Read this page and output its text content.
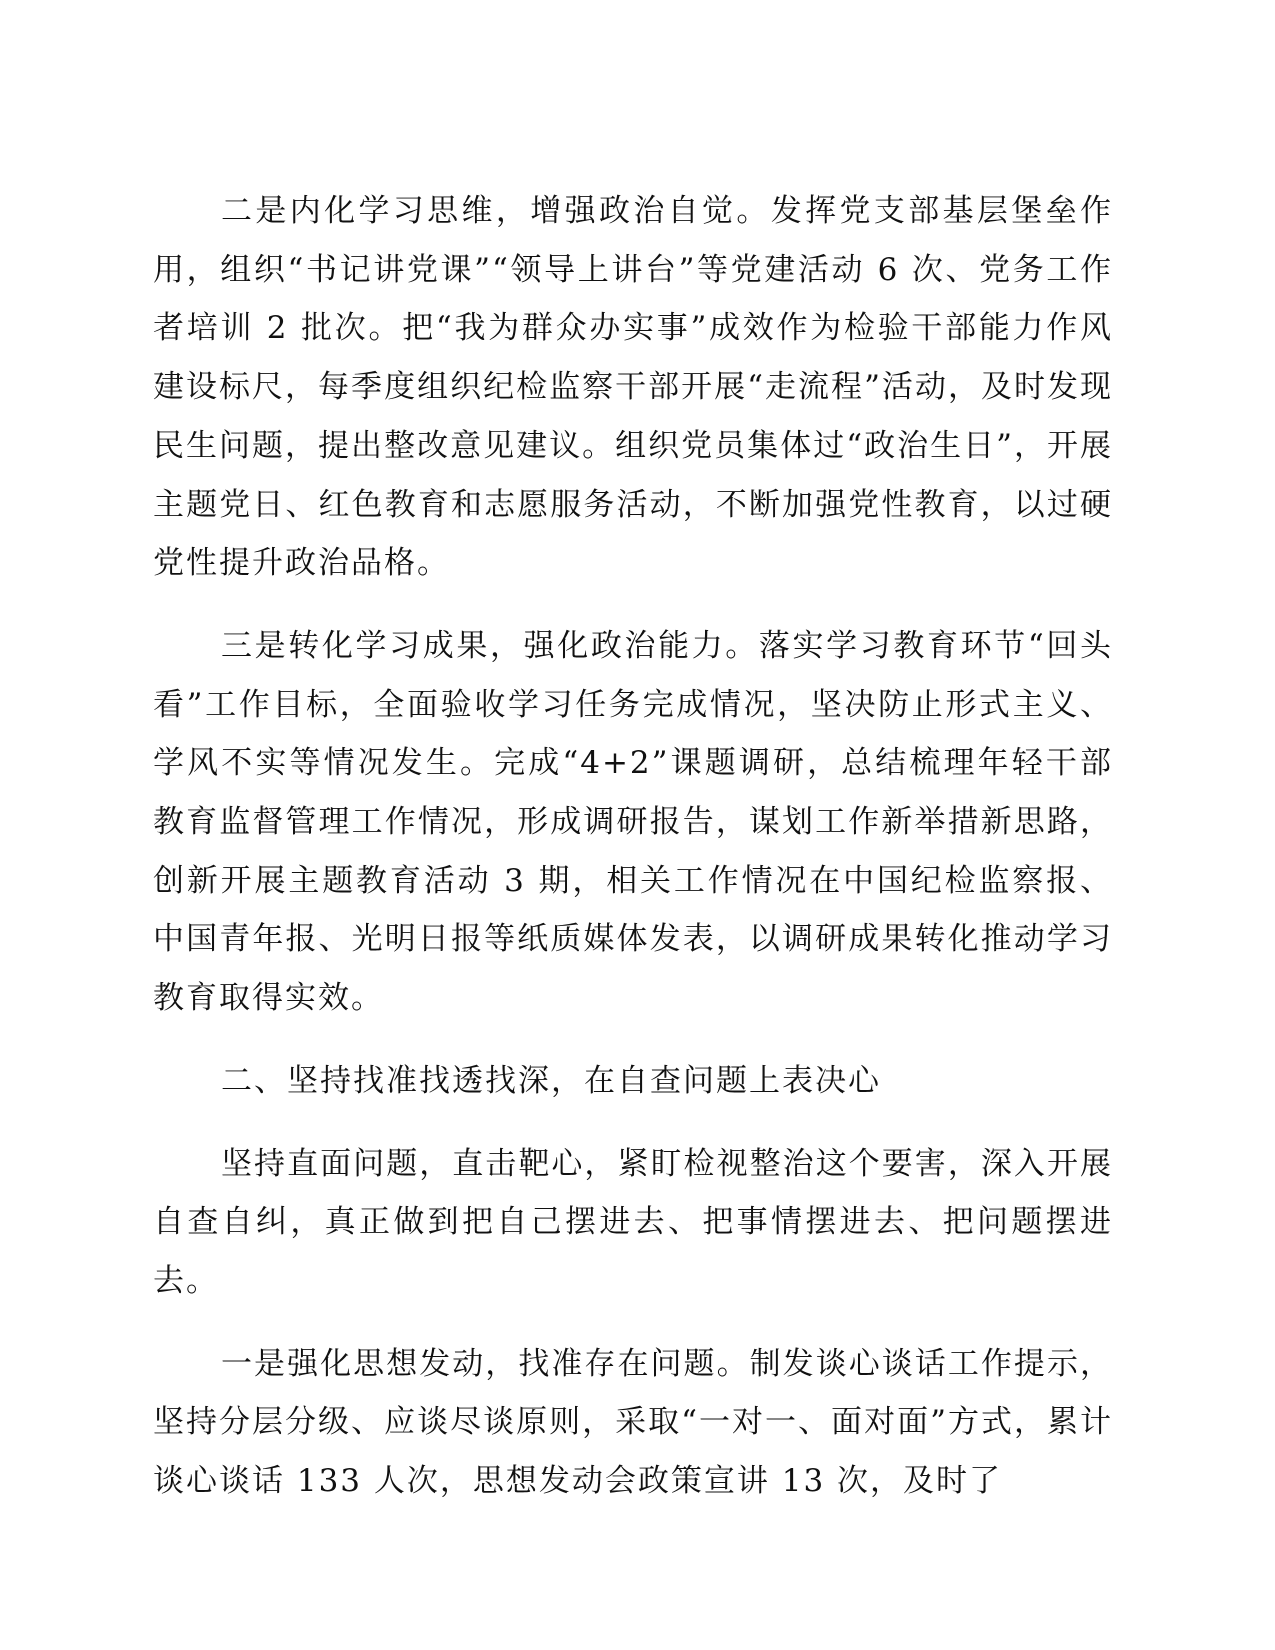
二是内化学习思维，增强政治自觉。发挥党支部基层堡垒作用，组织“书记讲党课”“领导上讲台”等党建活动 6 次、党务工作者培训 2 批次。把“我为群众办实事”成效作为检验干部能力作风建设标尺，每季度组织纪检监察干部开展“走流程”活动，及时发现民生问题，提出整改意见建议。组织党员集体过“政治生日”，开展主题党日、红色教育和志愿服务活动，不断加强党性教育，以过硬党性提升政治品格。

三是转化学习成果，强化政治能力。落实学习教育环节“回头看”工作目标，全面验收学习任务完成情况，坚决防止形式主义、学风不实等情况发生。完成“4+2”课题调研，总结梳理年轻干部教育监督管理工作情况，形成调研报告，谋划工作新举措新思路，创新开展主题教育活动 3 期，相关工作情况在中国纪检监察报、中国青年报、光明日报等纸质媒体发表，以调研成果转化推动学习教育取得实效。

二、坚持找准找透找深，在自查问题上表决心

坚持直面问题，直击靶心，紧盯检视整治这个要害，深入开展自查自纠，真正做到把自己摆进去、把事情摆进去、把问题摆进去。

一是强化思想发动，找准存在问题。制发谈心谈话工作提示，坚持分层分级、应谈尽谈原则，采取“一对一、面对面”方式，累计谈心谈话 133 人次，思想发动会政策宣讲 13 次，及时了
